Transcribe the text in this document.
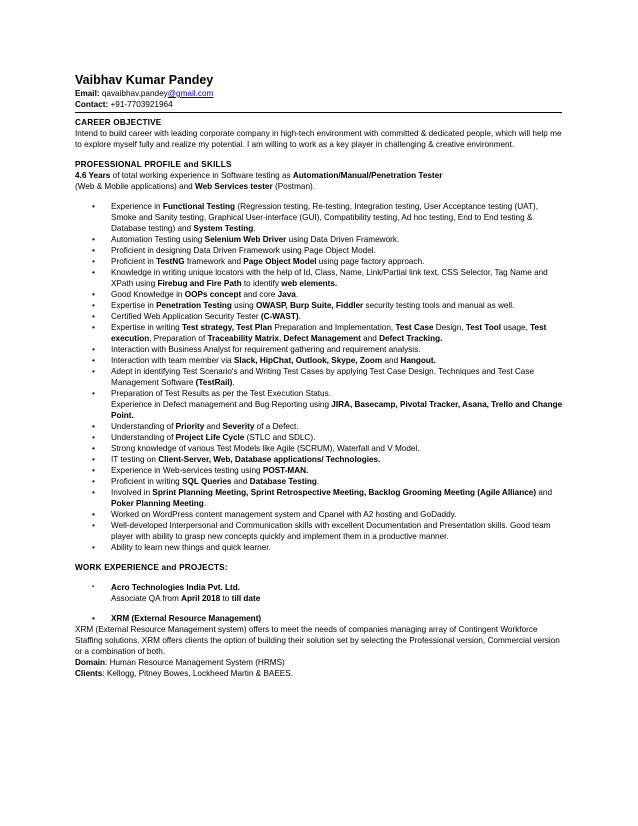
Vaibhav Kumar Pandey
Email: qavaibhav.pandey@gmail.com
Contact: +91-7703921964
CAREER OBJECTIVE

Intend to build career with leading corporate company in high-tech environment with committed & dedicated people, which will help me to explore myself fully and realize my potential. I am willing to work as a key player in challenging & creative environment.

PROFESSIONAL PROFILE and SKILLS

4.6 Years of total working experience in Software testing as Automation/Manual/Penetration Tester
(Web & Mobile applications) and Web Services tester (Postman).

• Experience in Functional Testing (Regression testing, Re-testing, Integration testing, User Acceptance testing (UAT), Smoke and Sanity testing, Graphical User-interface (GUI), Compatibility testing, Ad hoc testing, End to End testing & Database testing) and System Testing.
• Automation Testing using Selenium Web Driver using Data Driven Framework.
• Proficient in designing Data Driven Framework using Page Object Model.
• Proficient in TestNG framework and Page Object Model using page factory approach.
• Knowledge in writing unique locators with the help of Id, Class, Name, Link/Partial link text, CSS Selector, Tag Name and XPath using Firebug and Fire Path to identify web elements.
• Good Knowledge in OOPs concept and core Java.
• Expertise in Penetration Testing using OWASP, Burp Suite, Fiddler security testing tools and manual as well.
• Certified Web Application Security Tester (C-WAST).
• Expertise in writing Test strategy, Test Plan Preparation and Implementation, Test Case Design, Test Tool usage, Test execution, Preparation of Traceability Matrix, Defect Management and Defect Tracking.
• Interaction with Business Analyst for requirement gathering and requirement analysis.
• Interaction with team member via Slack, HipChat, Outlook, Skype, Zoom and Hangout.
• Adept in identifying Test Scenario's and Writing Test Cases by applying Test Case Design. Techniques and Test Case Management Software (TestRail).
• Preparation of Test Results as per the Test Execution Status.
Experience in Defect management and Bug Reporting using JIRA, Basecamp, Pivotal Tracker, Asana, Trello and Change Point.
• Understanding of Priority and Severity of a Defect.
• Understanding of Project Life Cycle (STLC and SDLC).
• Strong knowledge of various Test Models like Agile (SCRUM), Waterfall and V Model.
• IT testing on Client-Server, Web, Database applications/ Technologies.
• Experience in Web-services testing using POST-MAN.
• Proficient in writing SQL Queries and Database Testing.
• Involved in Sprint Planning Meeting, Sprint Retrospective Meeting, Backlog Grooming Meeting (Agile Alliance) and Poker Planning Meeting.
• Worked on WordPress content management system and Cpanel with A2 hosting and GoDaddy.
• Well-developed Interpersonal and Communication skills with excellent Documentation and Presentation skills. Good team player with ability to grasp new concepts quickly and implement them in a productive manner.
• Ability to learn new things and quick learner.
WORK EXPERIENCE and PROJECTS:
▪ Acro Technologies India Pvt. Ltd.
Associate QA from April 2018 to till date
• XRM (External Resource Management)

XRM (External Resource Management system) offers to meet the needs of companies managing array of Contingent Workforce Staffing solutions. XRM offers clients the option of building their solution set by selecting the Professional version, Commercial version or a combination of both.

Domain: Human Resource Management System (HRMS)

Clients: Kellogg, Pitney Bowes, Lockheed Martin & BAEES.
